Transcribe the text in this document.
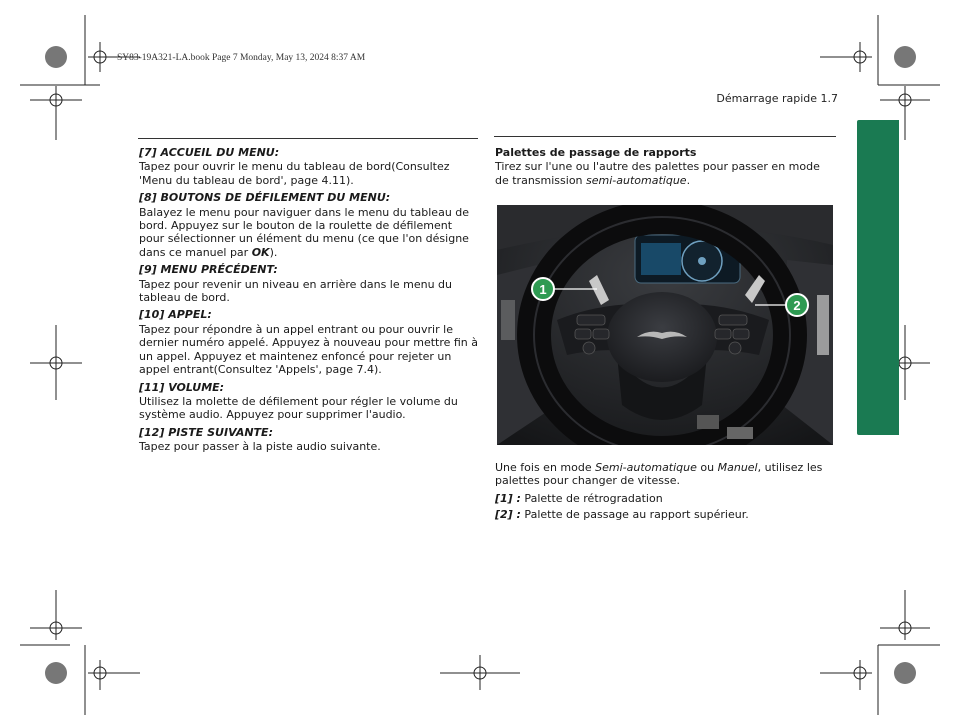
SY83-19A321-LA.book Page 7 Monday, May 13, 2024 8:37 AM
Démarrage rapide 1.7
[7] ACCUEIL DU MENU:

Tapez pour ouvrir le menu du tableau de bord(Consultez 'Menu du tableau de bord', page 4.11).

[8] BOUTONS DE DÉFILEMENT DU MENU:

Balayez le menu pour naviguer dans le menu du tableau de bord. Appuyez sur le bouton de la roulette de défilement pour sélectionner un élément du menu (ce que l'on désigne dans ce manuel par OK).

[9] MENU PRÉCÉDENT:

Tapez pour revenir un niveau en arrière dans le menu du tableau de bord.

[10] APPEL:

Tapez pour répondre à un appel entrant ou pour ouvrir le dernier numéro appelé. Appuyez à nouveau pour mettre fin à un appel. Appuyez et maintenez enfoncé pour rejeter un appel entrant(Consultez 'Appels', page 7.4).

[11] VOLUME:

Utilisez la molette de défilement pour régler le volume du système audio. Appuyez pour supprimer l'audio.

[12] PISTE SUIVANTE:

Tapez pour passer à la piste audio suivante.

Palettes de passage de rapports

Tirez sur l'une ou l'autre des palettes pour passer en mode de transmission semi-automatique.

1
2

Une fois en mode Semi-automatique ou Manuel, utilisez les palettes pour changer de vitesse.

[1] : Palette de rétrogradation
[2] : Palette de passage au rapport supérieur.
